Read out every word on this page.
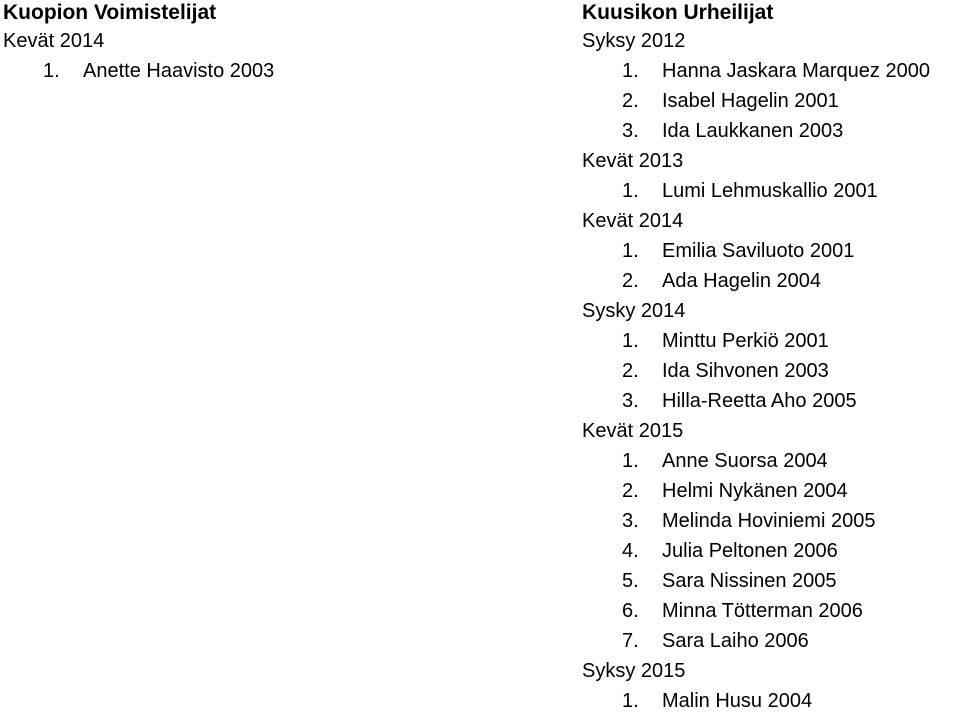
Kuopion Voimistelijat
Kevät 2014
1. Anette Haavisto 2003
Kuusikon Urheilijat
Syksy 2012
1. Hanna Jaskara Marquez 2000
2. Isabel Hagelin 2001
3. Ida Laukkanen 2003
Kevät 2013
1. Lumi Lehmuskallio 2001
Kevät 2014
1. Emilia Saviluoto 2001
2. Ada Hagelin 2004
Sysky 2014
1. Minttu Perkiö 2001
2. Ida Sihvonen 2003
3. Hilla-Reetta Aho 2005
Kevät 2015
1. Anne Suorsa 2004
2. Helmi Nykänen 2004
3. Melinda Hoviniemi 2005
4. Julia Peltonen 2006
5. Sara Nissinen 2005
6. Minna Tötterman 2006
7. Sara Laiho 2006
Syksy 2015
1. Malin Husu 2004
